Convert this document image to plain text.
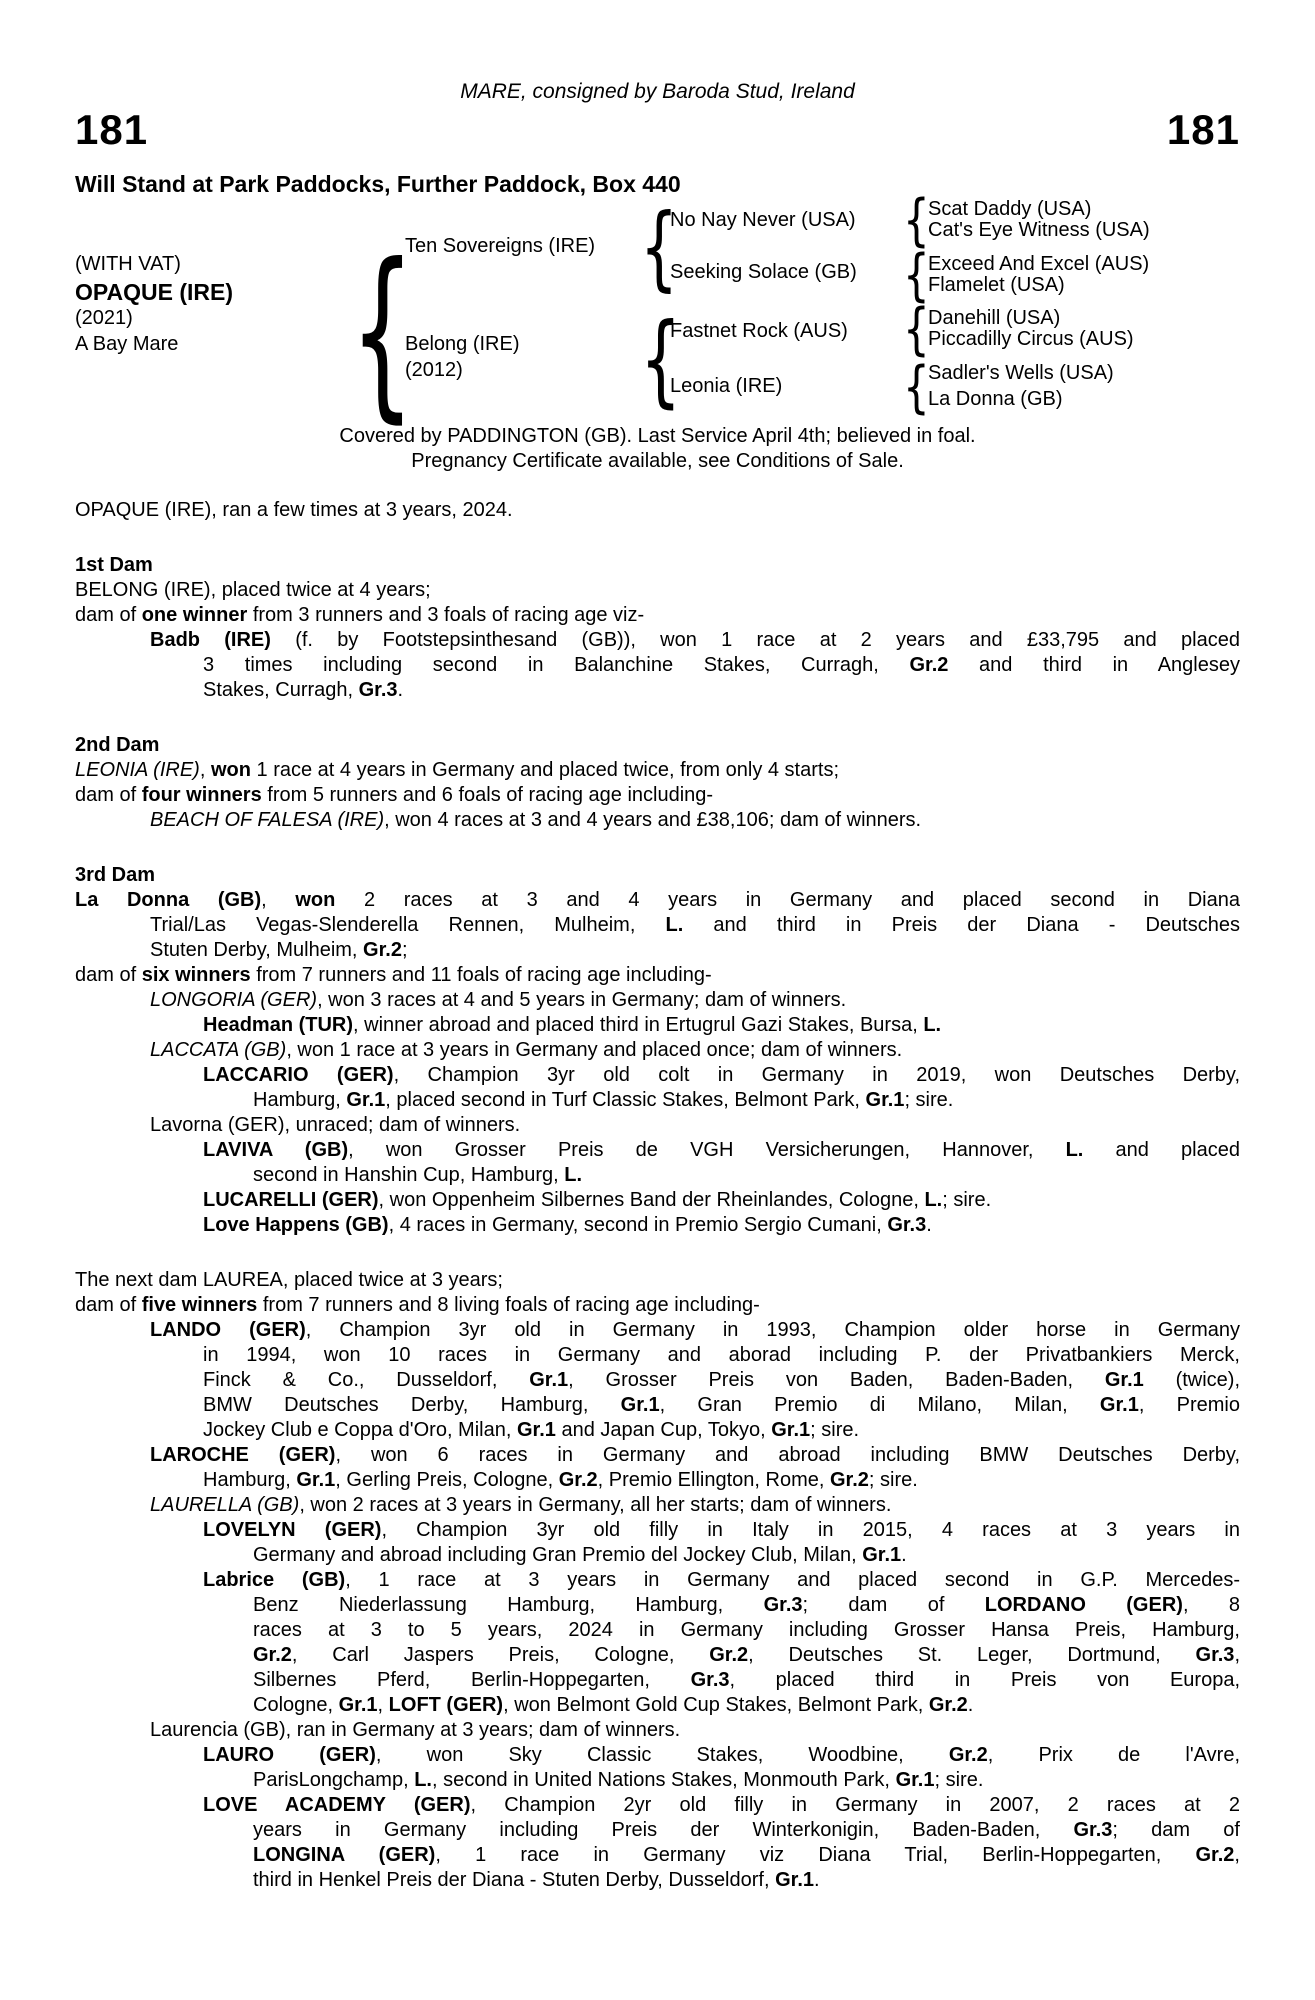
MARE, consigned by Baroda Stud, Ireland
181	181
Will Stand at Park Paddocks, Further Paddock, Box 440
(WITH VAT)
OPAQUE (IRE)
(2021)
A Bay Mare
Ten Sovereigns (IRE)
Belong (IRE)
(2012)
No Nay Never (USA)
Seeking Solace (GB)
Fastnet Rock (AUS)
Leonia (IRE)
Scat Daddy (USA)
Cat's Eye Witness (USA)
Exceed And Excel (AUS)
Flamelet (USA)
Danehill (USA)
Piccadilly Circus (AUS)
Sadler's Wells (USA)
La Donna (GB)
{ {
{
{
{
{
{
Covered by PADDINGTON (GB). Last Service April 4th; believed in foal.
Pregnancy Certificate available, see Conditions of Sale.
OPAQUE (IRE), ran a few times at 3 years, 2024.
1st Dam
BELONG (IRE), placed twice at 4 years;
dam of one winner from 3 runners and 3 foals of racing age viz-
Badb (IRE) (f. by Footstepsinthesand (GB)), won 1 race at 2 years and £33,795 and placed
3 times including second in Balanchine Stakes, Curragh, Gr.2 and third in Anglesey
Stakes, Curragh, Gr.3.
2nd Dam
LEONIA (IRE), won 1 race at 4 years in Germany and placed twice, from only 4 starts;
dam of four winners from 5 runners and 6 foals of racing age including-
BEACH OF FALESA (IRE), won 4 races at 3 and 4 years and £38,106; dam of winners.
3rd Dam
La Donna (GB), won 2 races at 3 and 4 years in Germany and placed second in Diana
Trial/Las Vegas-Slenderella Rennen, Mulheim, L. and third in Preis der Diana - Deutsches
Stuten Derby, Mulheim, Gr.2;
dam of six winners from 7 runners and 11 foals of racing age including-
LONGORIA (GER), won 3 races at 4 and 5 years in Germany; dam of winners.
Headman (TUR), winner abroad and placed third in Ertugrul Gazi Stakes, Bursa, L.
LACCATA (GB), won 1 race at 3 years in Germany and placed once; dam of winners.
LACCARIO (GER), Champion 3yr old colt in Germany in 2019, won Deutsches Derby,
Hamburg, Gr.1, placed second in Turf Classic Stakes, Belmont Park, Gr.1; sire.
Lavorna (GER), unraced; dam of winners.
LAVIVA (GB), won Grosser Preis de VGH Versicherungen, Hannover, L. and placed
second in Hanshin Cup, Hamburg, L.
LUCARELLI (GER), won Oppenheim Silbernes Band der Rheinlandes, Cologne, L.; sire.
Love Happens (GB), 4 races in Germany, second in Premio Sergio Cumani, Gr.3.
The next dam LAUREA, placed twice at 3 years;
dam of five winners from 7 runners and 8 living foals of racing age including-
LANDO (GER), Champion 3yr old in Germany in 1993, Champion older horse in Germany
in 1994, won 10 races in Germany and aborad including P. der Privatbankiers Merck,
Finck & Co., Dusseldorf, Gr.1, Grosser Preis von Baden, Baden-Baden, Gr.1 (twice),
BMW Deutsches Derby, Hamburg, Gr.1, Gran Premio di Milano, Milan, Gr.1, Premio
Jockey Club e Coppa d'Oro, Milan, Gr.1 and Japan Cup, Tokyo, Gr.1; sire.
LAROCHE (GER), won 6 races in Germany and abroad including BMW Deutsches Derby,
Hamburg, Gr.1, Gerling Preis, Cologne, Gr.2, Premio Ellington, Rome, Gr.2; sire.
LAURELLA (GB), won 2 races at 3 years in Germany, all her starts; dam of winners.
LOVELYN (GER), Champion 3yr old filly in Italy in 2015, 4 races at 3 years in
Germany and abroad including Gran Premio del Jockey Club, Milan, Gr.1.
Labrice (GB), 1 race at 3 years in Germany and placed second in G.P. Mercedes-
Benz Niederlassung Hamburg, Hamburg, Gr.3; dam of LORDANO (GER), 8
races at 3 to 5 years, 2024 in Germany including Grosser Hansa Preis, Hamburg,
Gr.2, Carl Jaspers Preis, Cologne, Gr.2, Deutsches St. Leger, Dortmund, Gr.3,
Silbernes Pferd, Berlin-Hoppegarten, Gr.3, placed third in Preis von Europa,
Cologne, Gr.1, LOFT (GER), won Belmont Gold Cup Stakes, Belmont Park, Gr.2.
Laurencia (GB), ran in Germany at 3 years; dam of winners.
LAURO (GER), won Sky Classic Stakes, Woodbine, Gr.2, Prix de l'Avre,
ParisLongchamp, L., second in United Nations Stakes, Monmouth Park, Gr.1; sire.
LOVE ACADEMY (GER), Champion 2yr old filly in Germany in 2007, 2 races at 2
years in Germany including Preis der Winterkonigin, Baden-Baden, Gr.3; dam of
LONGINA (GER), 1 race in Germany viz Diana Trial, Berlin-Hoppegarten, Gr.2,
third in Henkel Preis der Diana - Stuten Derby, Dusseldorf, Gr.1.
